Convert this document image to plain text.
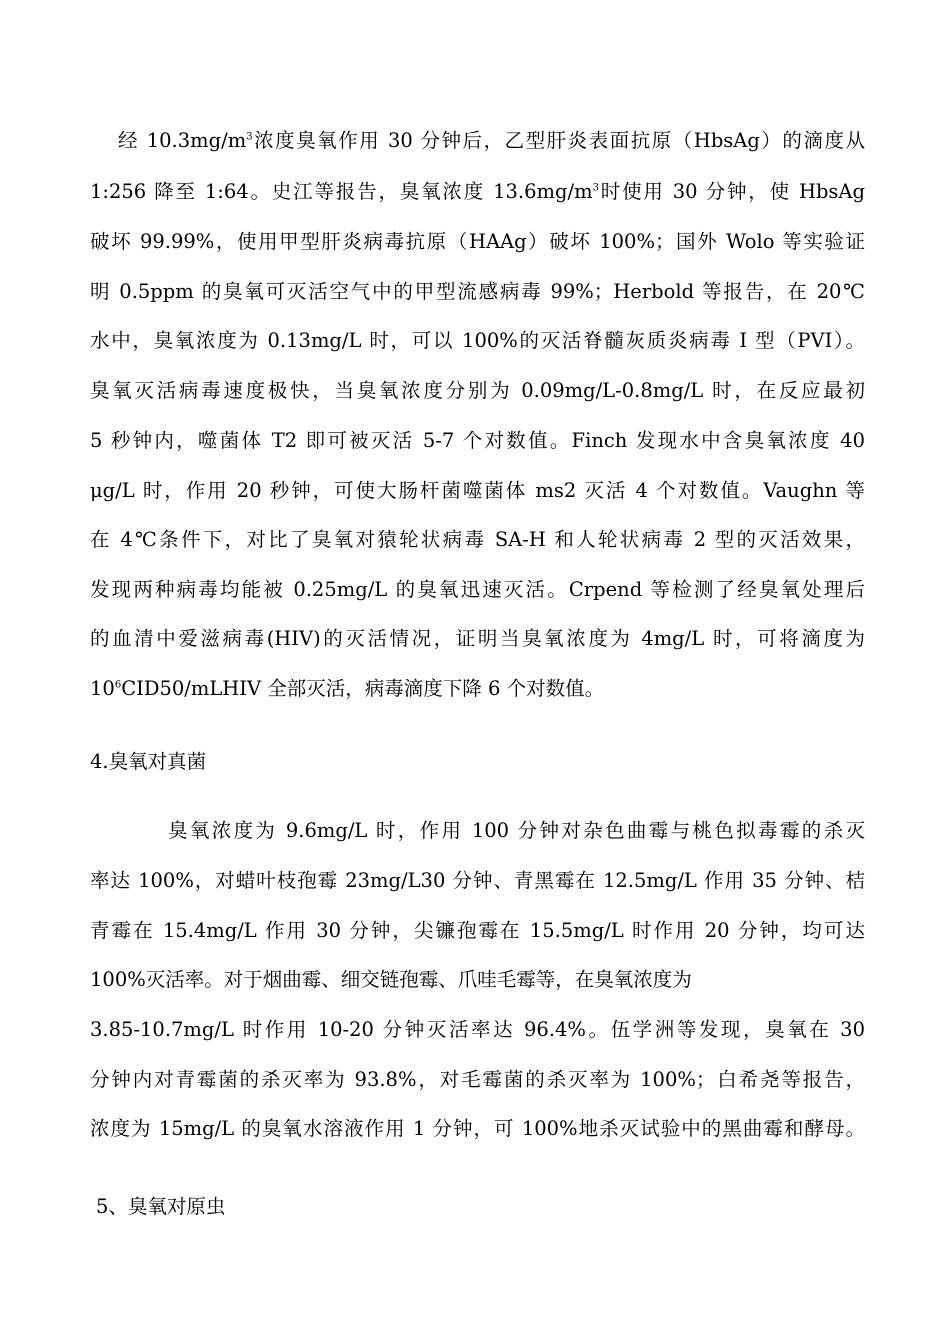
经 $10.3mg/m^3$浓度臭氧作用 30 分钟后，乙型肝炎表面抗原（HbsAg）的滴度从
1:256 降至 1:64。史江等报告，臭氧浓度 $13.6mg/m^3$时使用 30 分钟，使 HbsAg
破坏 99.99%，使用甲型肝炎病毒抗原（HAAg）破坏 100%；国外 Wolo 等实验证
明 0.5ppm 的臭氧可灭活空气中的甲型流感病毒 99%；Herbold 等报告，在 20℃
水中，臭氧浓度为 0.13mg/L 时，可以 100%的灭活脊髓灰质炎病毒 I 型（PVI）。
臭氧灭活病毒速度极快，当臭氧浓度分别为 0.09mg/L-0.8mg/L 时，在反应最初
5 秒钟内，噬菌体 T2 即可被灭活 5-7 个对数值。Finch 发现水中含臭氧浓度 40
μg/L 时，作用 20 秒钟，可使大肠杆菌噬菌体 ms2 灭活 4 个对数值。Vaughn 等
在 4℃条件下，对比了臭氧对猿轮状病毒 SA-H 和人轮状病毒 2 型的灭活效果，
发现两种病毒均能被 0.25mg/L 的臭氧迅速灭活。Crpend 等检测了经臭氧处理后
的血清中爱滋病毒(HIV)的灭活情况，证明当臭氧浓度为 4mg/L 时，可将滴度为
$10^6CID50$/mLHIV 全部灭活，病毒滴度下降 6 个对数值。
4.臭氧对真菌
臭氧浓度为 9.6mg/L 时，作用 100 分钟对杂色曲霉与桃色拟毒霉的杀灭
率达 100%，对蜡叶枝孢霉 23mg/L30 分钟、青黑霉在 12.5mg/L 作用 35 分钟、桔
青霉在 15.4mg/L 作用 30 分钟，尖镰孢霉在 15.5mg/L 时作用 20 分钟，均可达
100%灭活率。对于烟曲霉、细交链孢霉、爪哇毛霉等，在臭氧浓度为
3.85-10.7mg/L 时作用 10-20 分钟灭活率达 96.4%。伍学洲等发现，臭氧在 30
分钟内对青霉菌的杀灭率为 93.8%，对毛霉菌的杀灭率为 100%；白希尧等报告，
浓度为 15mg/L 的臭氧水溶液作用 1 分钟，可 100%地杀灭试验中的黑曲霉和酵母。
5、臭氧对原虫
